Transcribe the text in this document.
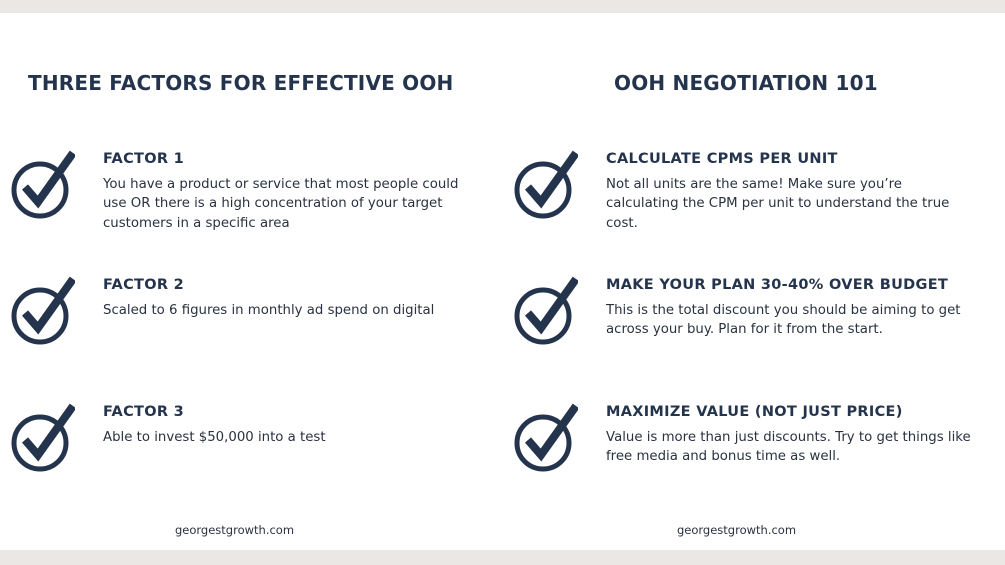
THREE FACTORS FOR EFFECTIVE OOH
FACTOR 1
You have a product or service that most people could use OR there is a high concentration of your target customers in a specific area
FACTOR 2
Scaled to 6 figures in monthly ad spend on digital
FACTOR 3
Able to invest $50,000 into a test
georgestgrowth.com
OOH NEGOTIATION 101
CALCULATE CPMS PER UNIT
Not all units are the same! Make sure you’re calculating the CPM per unit to understand the true cost.
MAKE YOUR PLAN 30-40% OVER BUDGET
This is the total discount you should be aiming to get across your buy. Plan for it from the start.
MAXIMIZE VALUE (NOT JUST PRICE)
Value is more than just discounts. Try to get things like free media and bonus time as well.
georgestgrowth.com
